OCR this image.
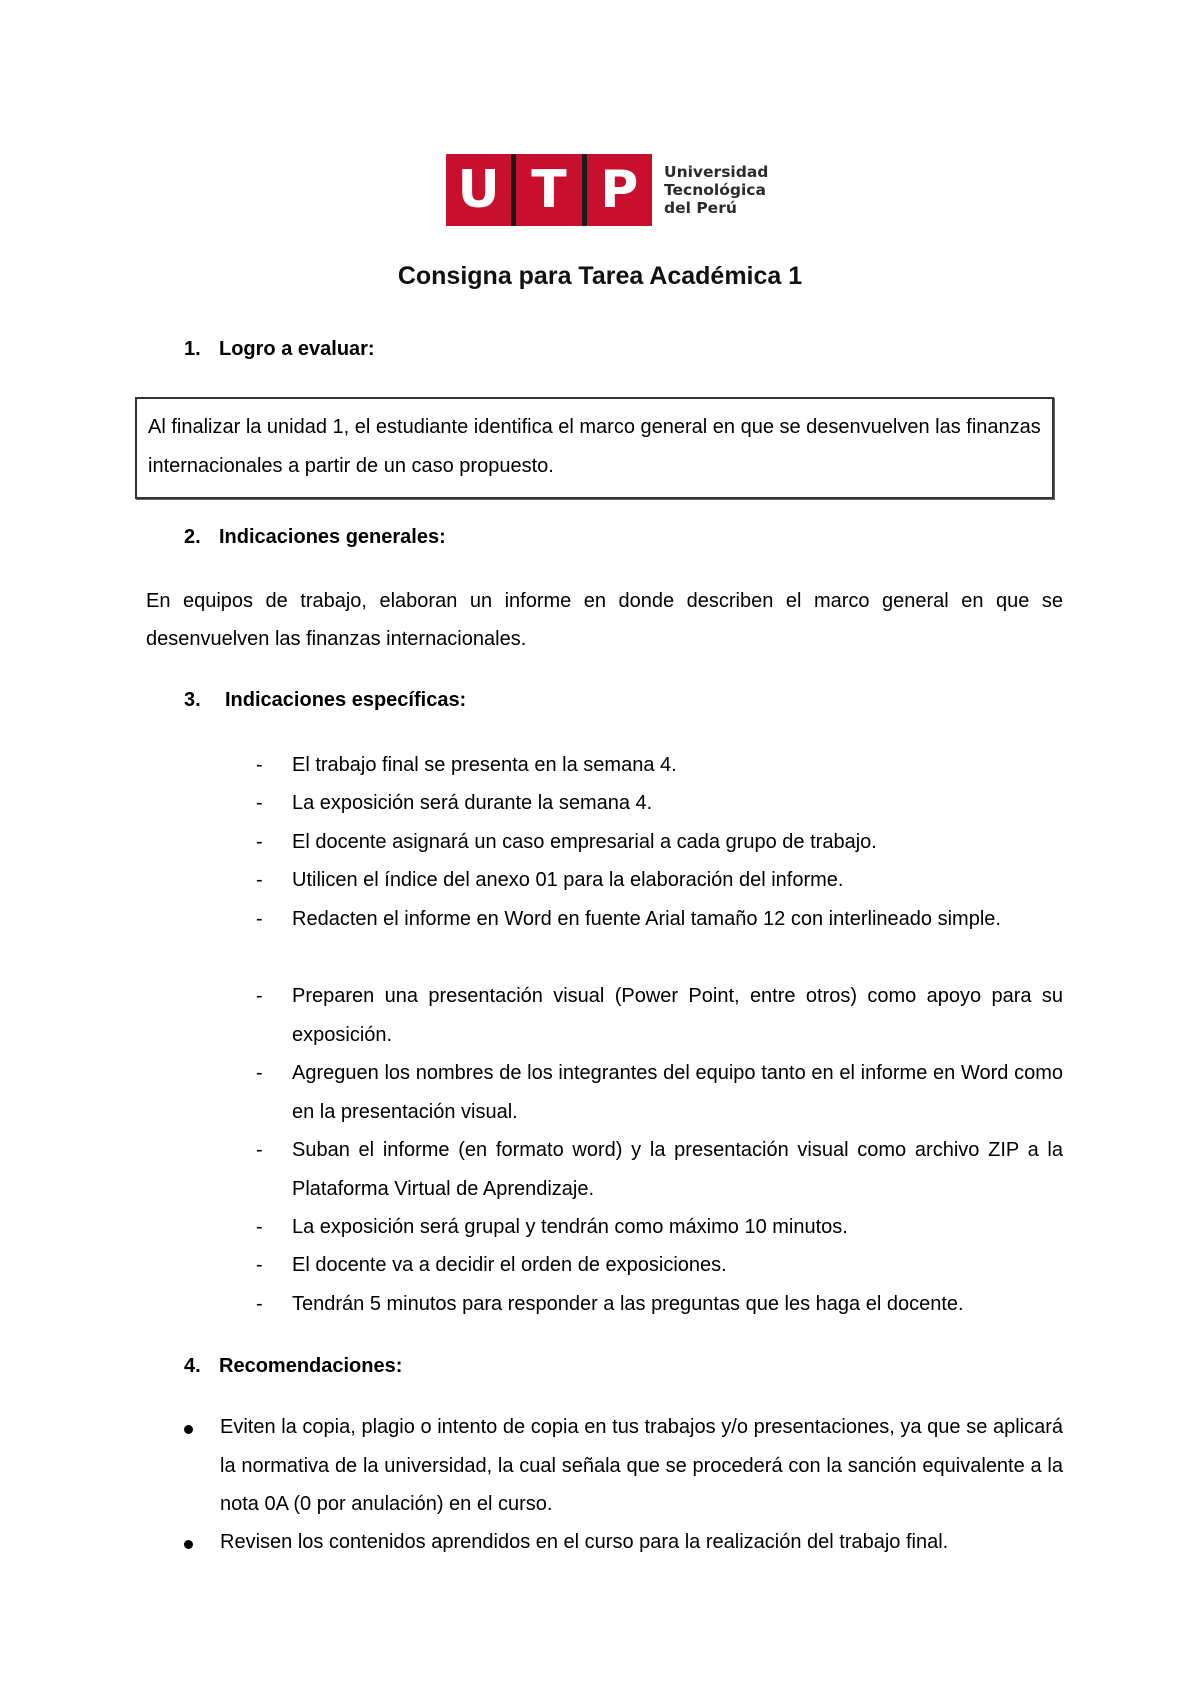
U T P	Universidad
Tecnológica
del Perú
Consigna para Tarea Académica 1
1. Logro a evaluar:
Al finalizar la unidad 1, el estudiante identifica el marco general en que se desenvuelven las finanzas internacionales a partir de un caso propuesto.
2. Indicaciones generales:
En equipos de trabajo, elaboran un informe en donde describen el marco general en que se desenvuelven las finanzas internacionales.
3. Indicaciones específicas:
- El trabajo final se presenta en la semana 4.
- La exposición será durante la semana 4.
- El docente asignará un caso empresarial a cada grupo de trabajo.
- Utilicen el índice del anexo 01 para la elaboración del informe.
- Redacten el informe en Word en fuente Arial tamaño 12 con interlineado simple.
- Preparen una presentación visual (Power Point, entre otros) como apoyo para su exposición.
- Agreguen los nombres de los integrantes del equipo tanto en el informe en Word como en la presentación visual.
- Suban el informe (en formato word) y la presentación visual como archivo ZIP a la Plataforma Virtual de Aprendizaje.
- La exposición será grupal y tendrán como máximo 10 minutos.
- El docente va a decidir el orden de exposiciones.
- Tendrán 5 minutos para responder a las preguntas que les haga el docente.
4. Recomendaciones:
Eviten la copia, plagio o intento de copia en tus trabajos y/o presentaciones, ya que se aplicará la normativa de la universidad, la cual señala que se procederá con la sanción equivalente a la nota 0A (0 por anulación) en el curso.
Revisen los contenidos aprendidos en el curso para la realización del trabajo final.
